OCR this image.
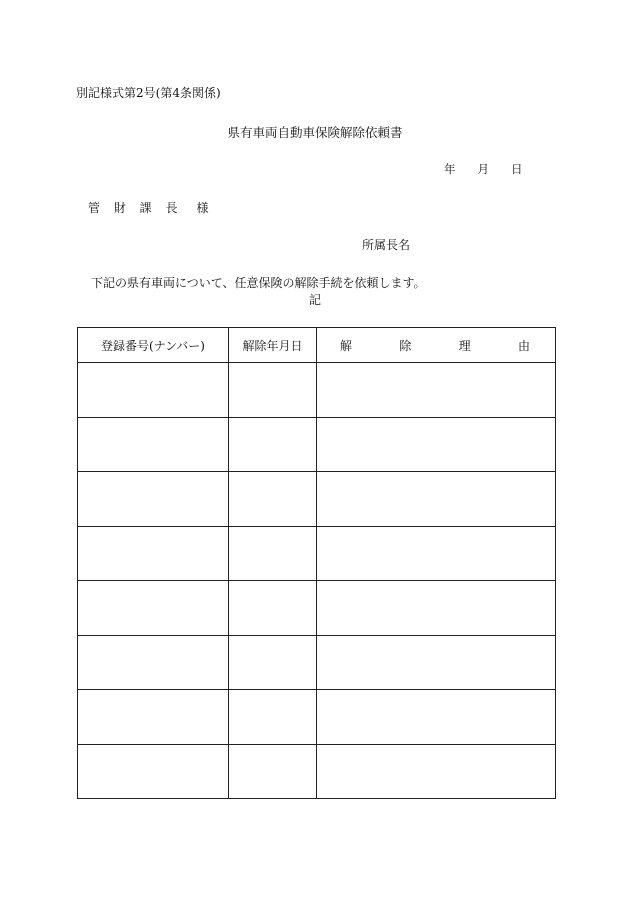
別記様式第2号(第4条関係)
県有車両自動車保険解除依頼書
年 月 日
管 財 課 長 様
所属長名
下記の県有車両について、任意保険の解除手続を依頼します。
記
登録番号(ナンバー)	解除年月日	解 除 理 由
